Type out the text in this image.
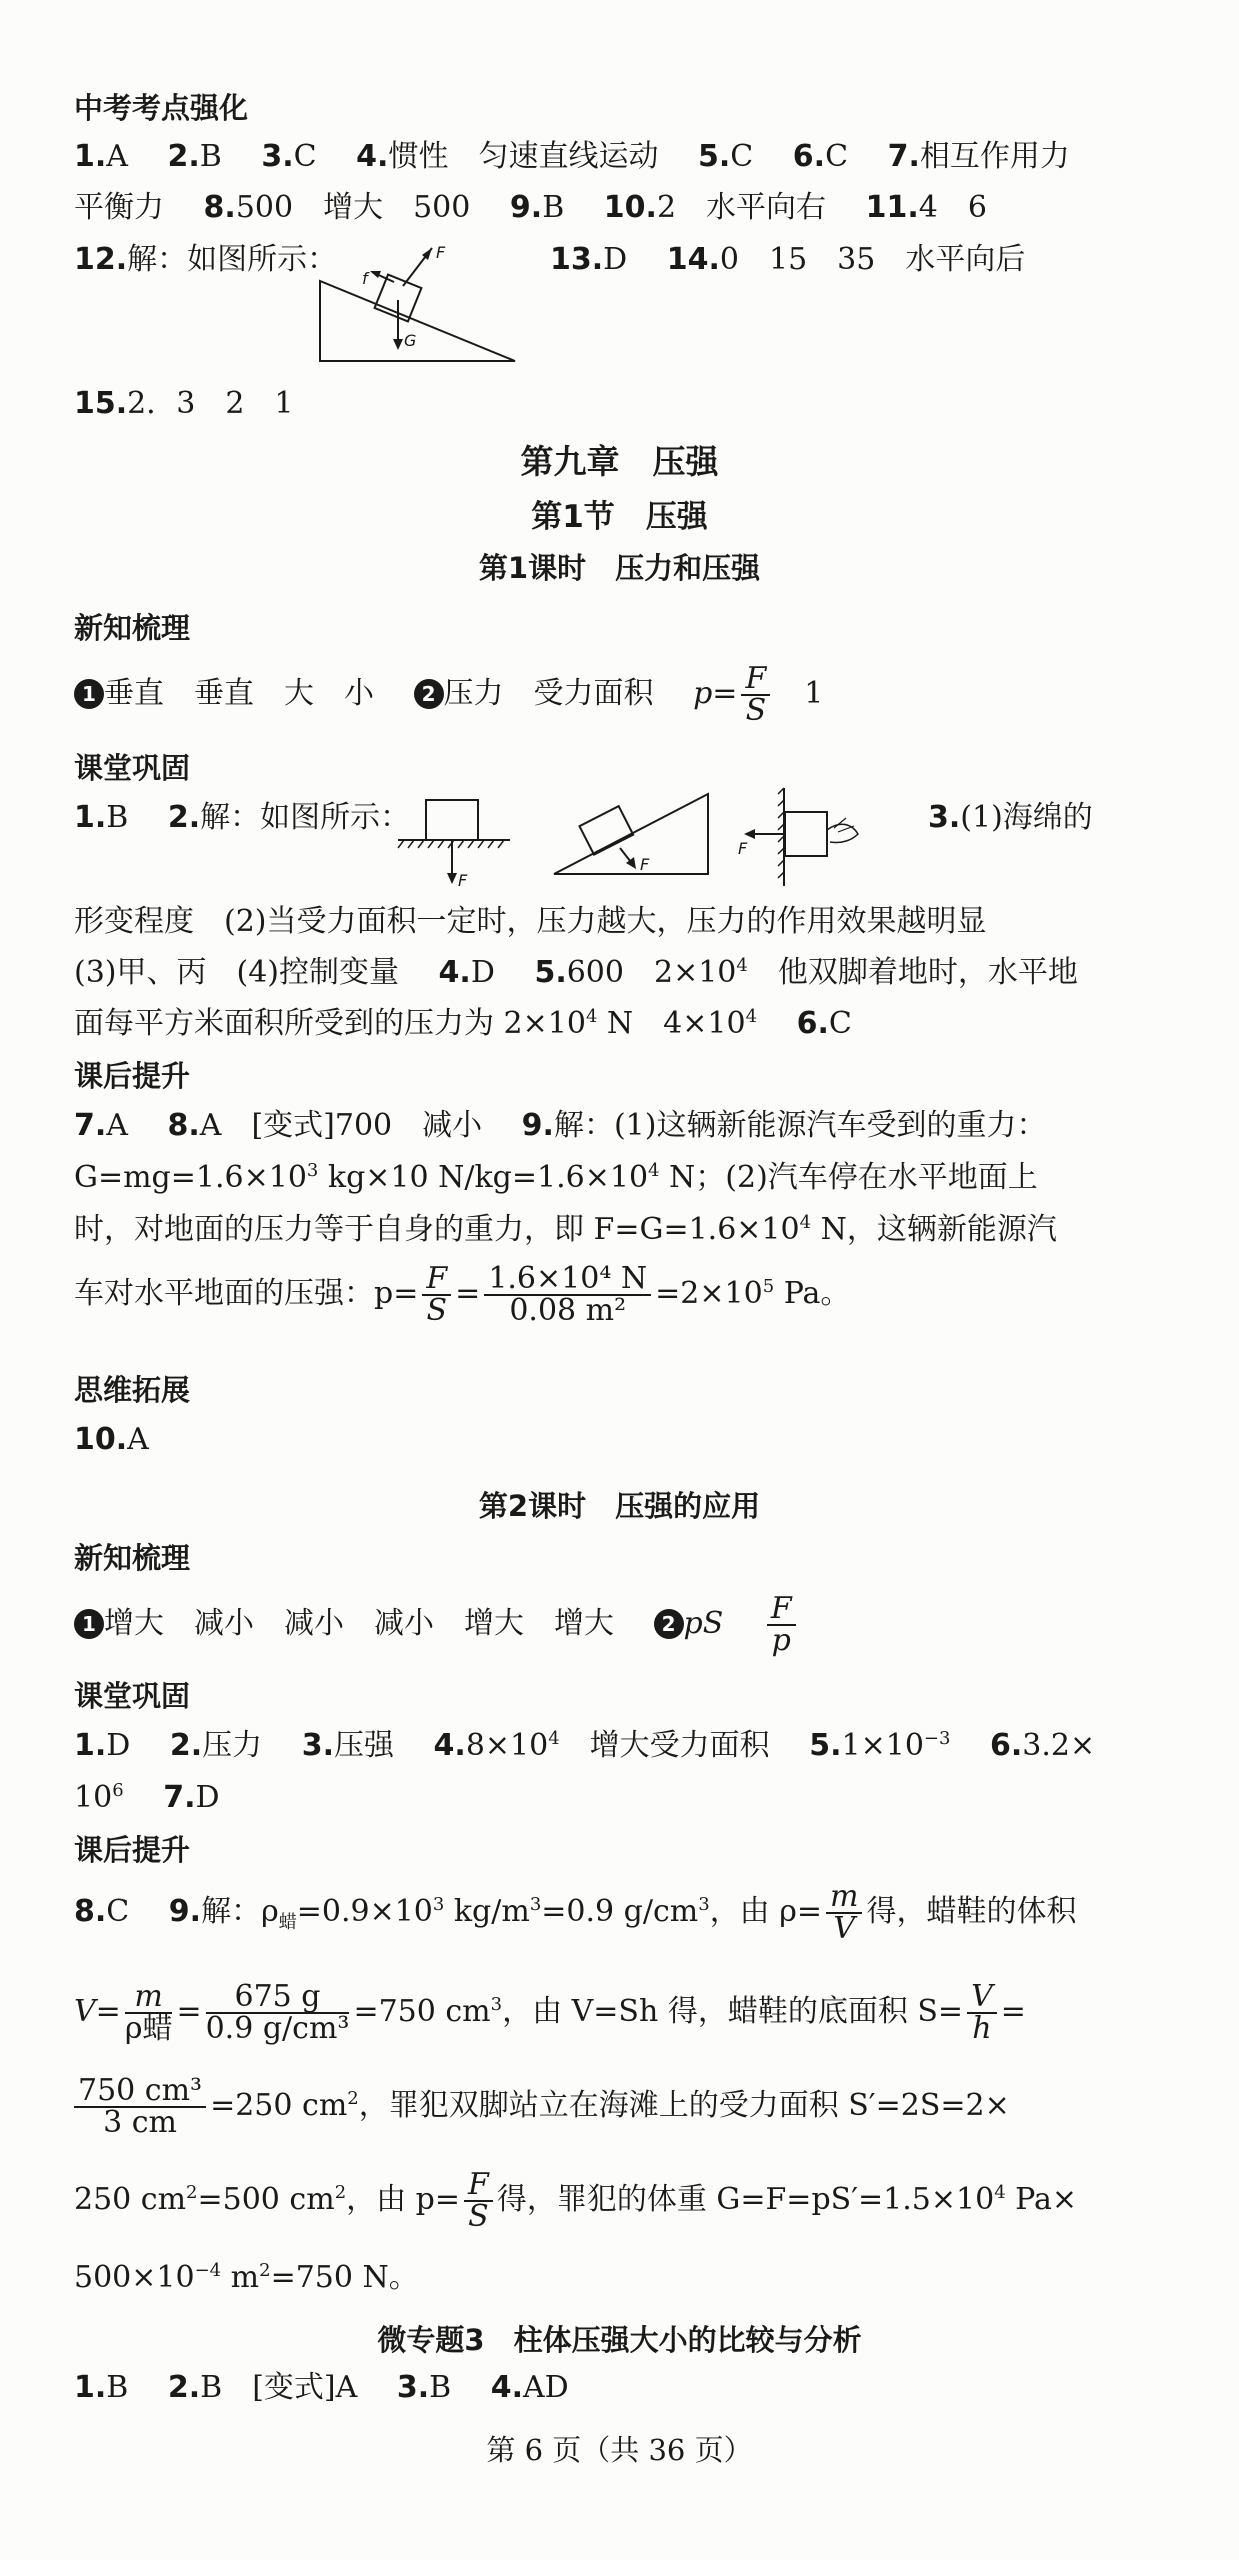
中考考点强化
1.A 2.B 3.C 4.惯性　匀速直线运动 5.C 6.C 7.相互作用力
平衡力 8.500　增大　500 9.B 10.2　水平向右 11.4　6
12.解：如图所示：	F
f
G
13.D 14.0　15　35　水平向后
15.2．3　2　1
第九章　压强
第1节　压强
第1课时　压力和压强
新知梳理
1 垂直　垂直　大　小 2 压力　受力面积 $p= \frac{F}{S} 1$
课堂巩固
1.B 2.解：如图所示：
F
F
F
3.(1)海绵的
形变程度　(2)当受力面积一定时，压力越大，压力的作用效果越明显
(3)甲、丙　(4)控制变量 4.D 5.600　$2\times 10^4$　他双脚着地时，水平地
面每平方米面积所受到的压力为 $2\times 10^4$ N　$4\times 10^4$ 6.C
课后提升
7.A 8.A　[变式]700　减小 9.解：(1)这辆新能源汽车受到的重力：
$G=mg=1.6\times 10^3$ kg×10 $N/kg=1.6\times 10^4$ N；(2)汽车停在水平地面上
时，对地面的压力等于自身的重力，即 $F=G=1.6\times 10^4$ N，这辆新能源汽
车对水平地面的压强：$p= \frac{F}{S} = \frac{\text{1.6×10⁴ N}}{\text{0.08 m²}} =2\times 10^5$ Pa。
思维拓展
10.A
第2课时　压强的应用
新知梳理
1 增大　减小　减小　减小　增大　增大 2 pS $\frac{F}{p}$
课堂巩固
1.D 2.压力 3.压强 $4.8\times 10^4$　增大受力面积 $5.1\times 10^{-3}$ 6.3.2×
$10^6$ 7.D
课后提升
8.C 9.解：$\rho_蜡=0.9\times 10^3$ $kg/m^3=0.9$ $g/cm^3$，由 $\rho= \frac{m}{V}$ 得，蜡鞋的体积
$V= \frac{m}{\text{ρ蜡}} = \frac{675 g}{\text{0.9 g/cm³}} =750$ $cm^3$，由 V=Sh 得，蜡鞋的底面积 $S= \frac{V}{h}$ =
$\frac{\text{750 cm³}}{3 cm} =250$ $cm^2$，罪犯双脚站立在海滩上的受力面积 S′=2S=2×
250 $cm^2=500$ $cm^2$，由 $p= \frac{F}{S}$ 得，罪犯的体重 $G=F=pS'=1.5\times 10^4$ Pa×
$500\times 10^{-4}$ $m^2=750$ N。
微专题3　柱体压强大小的比较与分析
1.B 2.B　[变式]A 3.B 4.AD
第 6 页（共 36 页）
